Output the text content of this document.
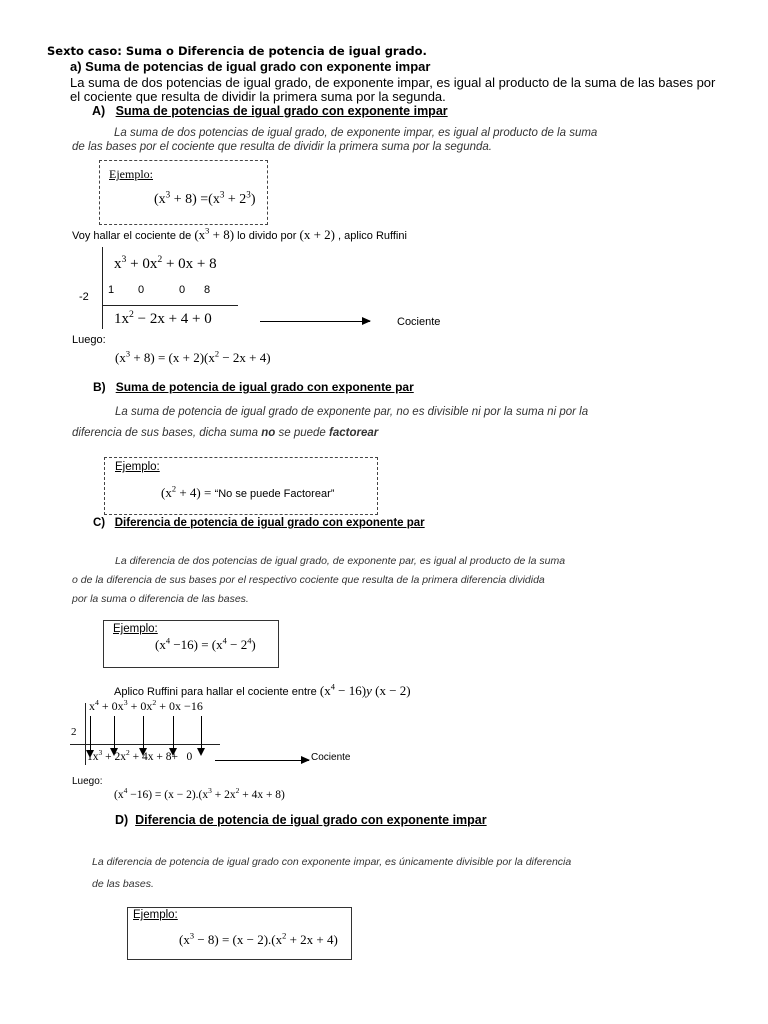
Sexto caso: Suma o Diferencia de potencia de igual grado.
a) Suma de potencias de igual grado con exponente impar
La suma de dos potencias de igual grado, de exponente impar, es igual al producto de la suma de las bases por
el cociente que resulta de dividir la primera suma por la segunda.
A) Suma de potencias de igual grado con exponente impar
La suma de dos potencias de igual grado, de exponente impar, es igual al producto de la suma
de las bases por el cociente que resulta de dividir la primera suma por la segunda.
Ejemplo:
$(x^3 + 8) =(x^3 + 2^3)$
Voy hallar el cociente de $(x^3 + 8)$ lo divido por (x + 2) , aplico Ruffini
$x^3 + 0x^2 + 0x + 8$
-2
1 0	0 8
$1x^2 - 2x + 4 + 0$	Cociente
Luego:
$(x^3 + 8) = (x + 2)(x^2 - 2x + 4)$
B) Suma de potencia de igual grado con exponente par
La suma de potencia de igual grado de exponente par, no es divisible ni por la suma ni por la
diferencia de sus bases, dicha suma no se puede factorear
Ejemplo:
$(x^2 + 4)$ = “No se puede Factorear”
C) Diferencia de potencia de igual grado con exponente par
La diferencia de dos potencias de igual grado, de exponente par, es igual al producto de la suma
o de la diferencia de sus bases por el respectivo cociente que resulta de la primera diferencia dividida
por la suma o diferencia de las bases.
Ejemplo:
$(x^4 -16) = (x^4 - 2^4)$
Aplico Ruffini para hallar el cociente entre $(x^4 - 16)y$ (x − 2)
$x^4 + 0x^3 + 0x^2 + 0x -16$
2
$1x^3 + 2x^2 + 4x + 8+ 0$	Cociente
Luego:
$(x^4 -16) = (x - 2).(x^3 + 2x^2 + 4x + 8)$
D) Diferencia de potencia de igual grado con exponente impar
La diferencia de potencia de igual grado con exponente impar, es únicamente divisible por la diferencia
de las bases.
Ejemplo:
$(x^3 - 8) = (x - 2).(x^2 + 2x + 4)$
